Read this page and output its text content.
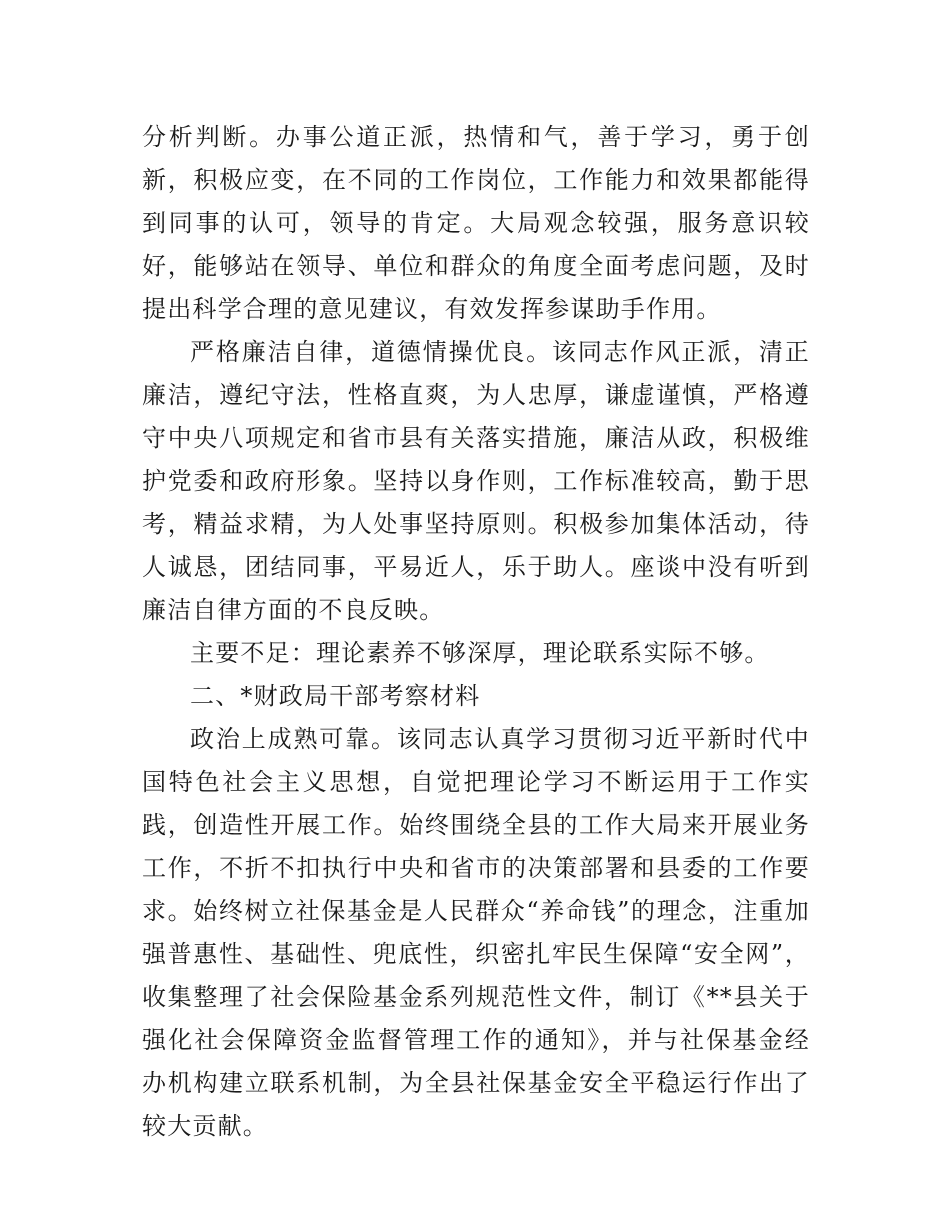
分析判断。办事公道正派，热情和气，善于学习，勇于创新，积极应变，在不同的工作岗位，工作能力和效果都能得到同事的认可，领导的肯定。大局观念较强，服务意识较好，能够站在领导、单位和群众的角度全面考虑问题，及时提出科学合理的意见建议，有效发挥参谋助手作用。

严格廉洁自律，道德情操优良。该同志作风正派，清正廉洁，遵纪守法，性格直爽，为人忠厚，谦虚谨慎，严格遵守中央八项规定和省市县有关落实措施，廉洁从政，积极维护党委和政府形象。坚持以身作则，工作标准较高，勤于思考，精益求精，为人处事坚持原则。积极参加集体活动，待人诚恳，团结同事，平易近人，乐于助人。座谈中没有听到廉洁自律方面的不良反映。

主要不足：理论素养不够深厚，理论联系实际不够。

二、*财政局干部考察材料

政治上成熟可靠。该同志认真学习贯彻习近平新时代中国特色社会主义思想，自觉把理论学习不断运用于工作实践，创造性开展工作。始终围绕全县的工作大局来开展业务工作，不折不扣执行中央和省市的决策部署和县委的工作要求。始终树立社保基金是人民群众“养命钱”的理念，注重加强普惠性、基础性、兜底性，织密扎牢民生保障“安全网”，收集整理了社会保险基金系列规范性文件，制订《**县关于强化社会保障资金监督管理工作的通知》，并与社保基金经办机构建立联系机制，为全县社保基金安全平稳运行作出了较大贡献。
